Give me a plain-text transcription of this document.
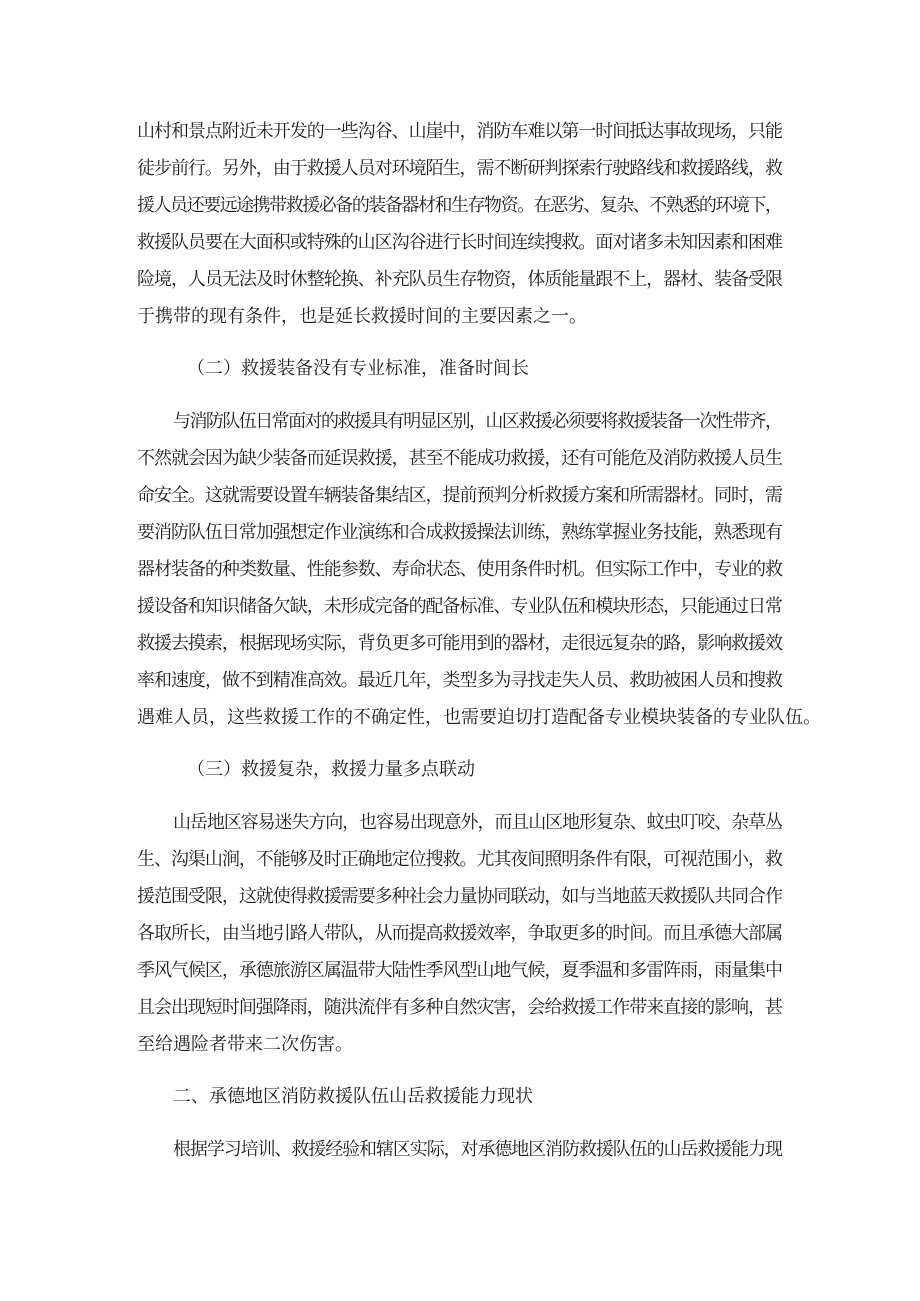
山村和景点附近未开发的一些沟谷、山崖中，消防车难以第一时间抵达事故现场，只能
徒步前行。另外，由于救援人员对环境陌生，需不断研判探索行驶路线和救援路线，救
援人员还要远途携带救援必备的装备器材和生存物资。在恶劣、复杂、不熟悉的环境下，
救援队员要在大面积或特殊的山区沟谷进行长时间连续搜救。面对诸多未知因素和困难
险境，人员无法及时休整轮换、补充队员生存物资，体质能量跟不上，器材、装备受限
于携带的现有条件，也是延长救援时间的主要因素之一。
（二）救援装备没有专业标准，准备时间长
与消防队伍日常面对的救援具有明显区别，山区救援必须要将救援装备一次性带齐，
不然就会因为缺少装备而延误救援，甚至不能成功救援，还有可能危及消防救援人员生
命安全。这就需要设置车辆装备集结区，提前预判分析救援方案和所需器材。同时，需
要消防队伍日常加强想定作业演练和合成救援操法训练，熟练掌握业务技能，熟悉现有
器材装备的种类数量、性能参数、寿命状态、使用条件时机。但实际工作中，专业的救
援设备和知识储备欠缺，未形成完备的配备标准、专业队伍和模块形态，只能通过日常
救援去摸索，根据现场实际，背负更多可能用到的器材，走很远复杂的路，影响救援效
率和速度，做不到精准高效。最近几年，类型多为寻找走失人员、救助被困人员和搜救
遇难人员，这些救援工作的不确定性，也需要迫切打造配备专业模块装备的专业队伍。
（三）救援复杂，救援力量多点联动
山岳地区容易迷失方向，也容易出现意外，而且山区地形复杂、蚊虫叮咬、杂草丛
生、沟渠山涧，不能够及时正确地定位搜救。尤其夜间照明条件有限，可视范围小，救
援范围受限，这就使得救援需要多种社会力量协同联动，如与当地蓝天救援队共同合作
各取所长，由当地引路人带队，从而提高救援效率，争取更多的时间。而且承德大部属
季风气候区，承德旅游区属温带大陆性季风型山地气候，夏季温和多雷阵雨，雨量集中
且会出现短时间强降雨，随洪流伴有多种自然灾害，会给救援工作带来直接的影响，甚
至给遇险者带来二次伤害。
二、承德地区消防救援队伍山岳救援能力现状
根据学习培训、救援经验和辖区实际，对承德地区消防救援队伍的山岳救援能力现
